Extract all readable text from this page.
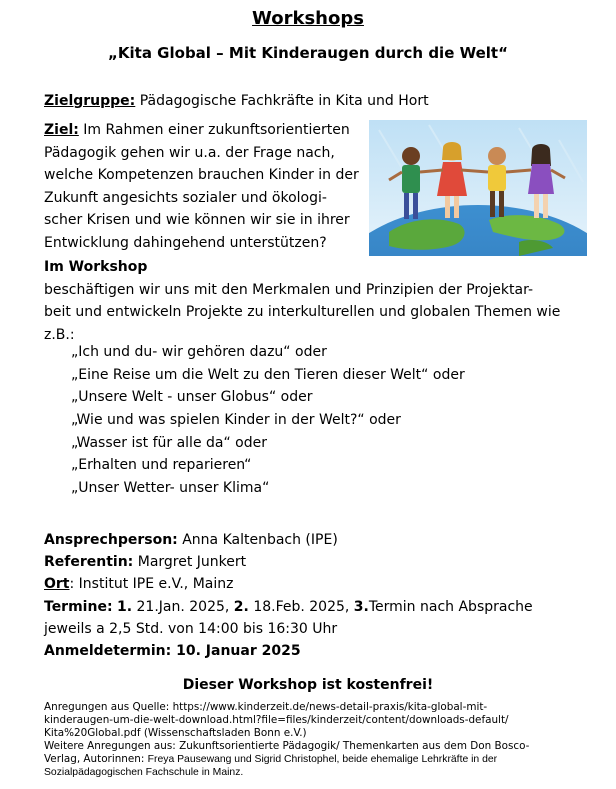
Workshops
„Kita Global – Mit Kinderaugen durch die Welt“
Zielgruppe: Pädagogische Fachkräfte in Kita und Hort
Ziel: Im Rahmen einer zukunftsorientierten
Pädagogik gehen wir u.a. der Frage nach,
welche Kompetenzen brauchen Kinder in der
Zukunft angesichts sozialer und ökologi-
scher Krisen und wie können wir sie in ihrer
Entwicklung dahingehend unterstützen?
Im Workshop
beschäftigen wir uns mit den Merkmalen und Prinzipien der Projektar-
beit und entwickeln Projekte zu interkulturellen und globalen Themen wie
z.B.:
„Ich und du- wir gehören dazu“ oder
„Eine Reise um die Welt zu den Tieren dieser Welt“ oder
„Unsere Welt - unser Globus“ oder
„Wie und was spielen Kinder in der Welt?“ oder
„Wasser ist für alle da“ oder
„Erhalten und reparieren“
„Unser Wetter- unser Klima“
Ansprechperson: Anna Kaltenbach (IPE)
Referentin: Margret Junkert
Ort: Institut IPE e.V., Mainz
Termine: 1. 21.Jan. 2025, 2. 18.Feb. 2025, 3.Termin nach Absprache
jeweils a 2,5 Std. von 14:00 bis 16:30 Uhr
Anmeldetermin: 10. Januar 2025
Dieser Workshop ist kostenfrei!
Anregungen aus Quelle: https://www.kinderzeit.de/news-detail-praxis/kita-global-mit-
kinderaugen-um-die-welt-download.html?file=files/kinderzeit/content/downloads-default/
Kita%20Global.pdf (Wissenschaftsladen Bonn e.V.)
Weitere Anregungen aus: Zukunftsorientierte Pädagogik/ Themenkarten aus dem Don Bosco-
Verlag, Autorinnen: Freya Pausewang und Sigrid Christophel, beide ehemalige Lehrkräfte in der
Sozialpädagogischen Fachschule in Mainz.
